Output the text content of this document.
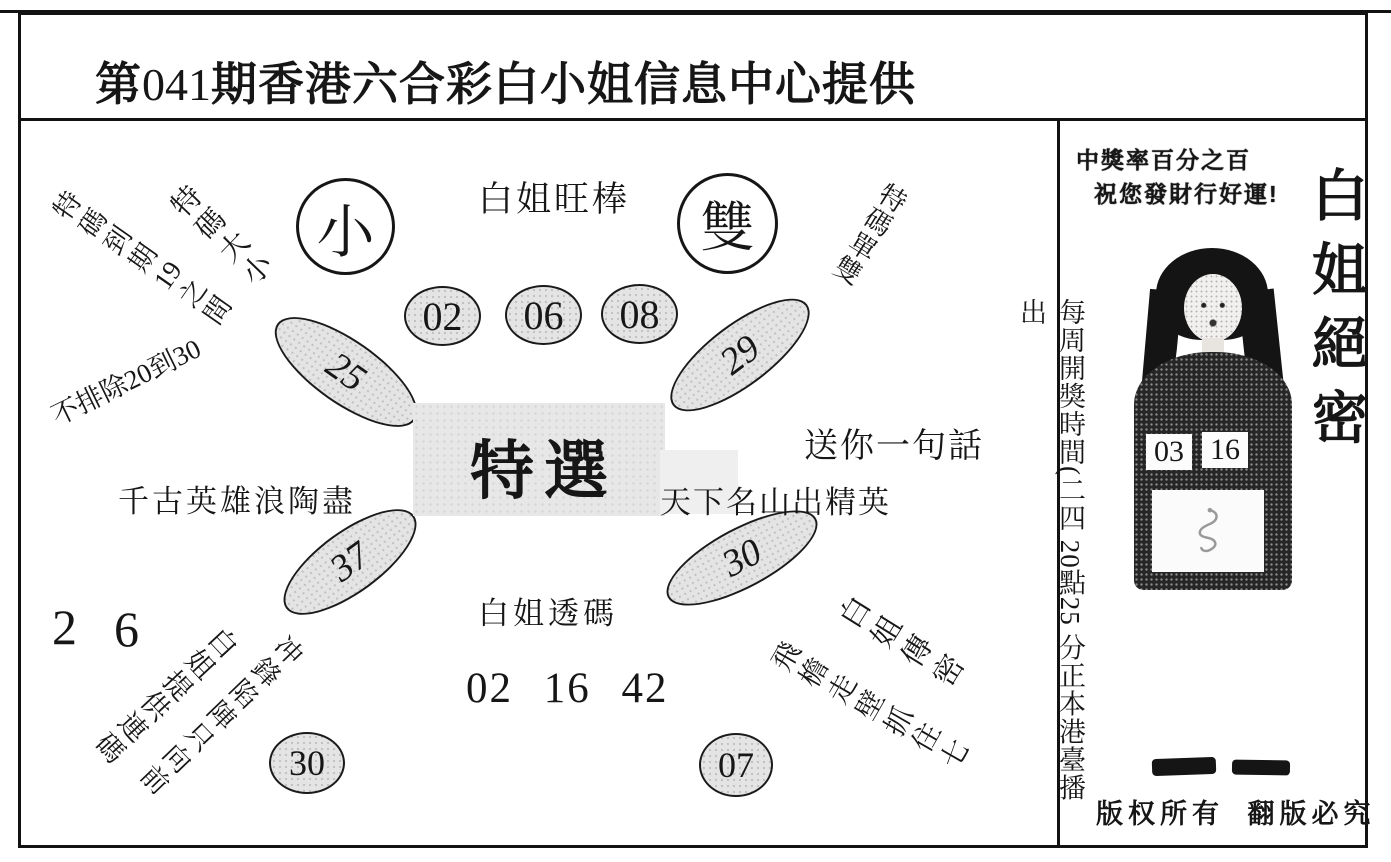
第041期香港六合彩白小姐信息中心提供
小	雙
白姐旺棒
02 06 08
25	29
37	30
特選	送你一句話
千古英雄浪陶盡	天下名山出精英
白姐透碼
02 16 42
2 6
特碼到期19之間
特碼大小
不排除20到30
特碼單雙
白姐提供連碼
冲鋒陷陣只向前
白姐傳密
飛檐走壁抓住七
30	07	每周開獎時間(二四 20點25 分正本港臺播出
中獎率百分之百
祝您發財行好運! 白姐絕密
03 16
版权所有  翻版必究
